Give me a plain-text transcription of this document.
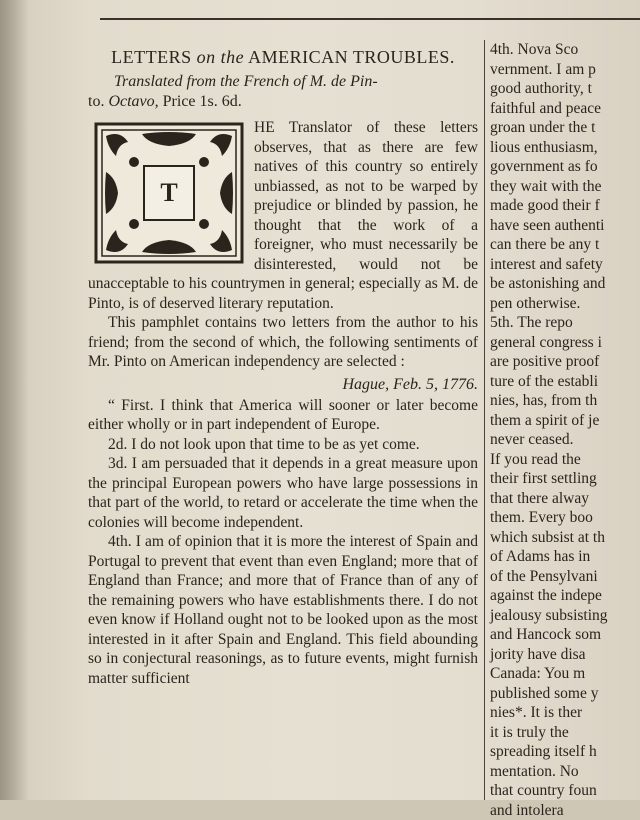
LETTERS on the AMERICAN TROUBLES.
Translated from the French of M. de Pin-
to. Octavo, Price 1s. 6d.
T

HE Translator of these letters observes, that as there are few natives of this country so entirely unbiassed, as not to be warped by prejudice or blinded by passion, he thought that the work of a foreigner, who must necessarily be disinterested, would not be unacceptable to his countrymen in general; especially as M. de Pinto, is of deserved literary reputation.

This pamphlet contains two letters from the author to his friend; from the second of which, the following sentiments of Mr. Pinto on American independency are selected :

Hague, Feb. 5, 1776.

“ First. I think that America will sooner or later become either wholly or in part independent of Europe.

2d. I do not look upon that time to be as yet come.

3d. I am persuaded that it depends in a great measure upon the principal European powers who have large possessions in that part of the world, to retard or accelerate the time when the colonies will become independent.

4th. I am of opinion that it is more the interest of Spain and Portugal to prevent that event than even England; more that of England than France; and more that of France than of any of the remaining powers who have establishments there. I do not even know if Holland ought not to be looked upon as the most interested in it after Spain and England. This field abounding so in conjectural reasonings, as to future events, might furnish matter sufficient

4th. Nova Sco
vernment. I am p
good authority, t
faithful and peace
groan under the t
lious enthusiasm,
government as fo
they wait with the
made good their f
have seen authenti
can there be any t
interest and safety
be astonishing and
pen otherwise.
5th. The repo
general congress i
are positive proof
ture of the establi
nies, has, from th
them a spirit of je
never ceased.
If you read the
their first settling
that there alway
them. Every boo
which subsist at th
of Adams has in
of the Pensylvani
against the indepe
jealousy subsisting
and Hancock som
jority have disa
Canada: You m
published some y
nies*. It is ther
it is truly the
spreading itself h
mentation. No
that country foun
and intolera
